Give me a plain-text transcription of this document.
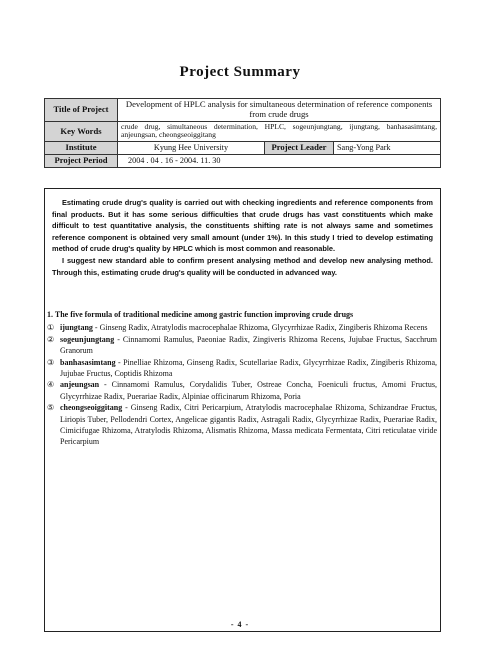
Project Summary
Title of Project	Development of HPLC analysis for simultaneous determination of reference components from crude drugs		
Key Words	crude drug, simultaneous determination, HPLC, sogeunjungtang, ijungtang, banhasasimtang, anjeungsan, cheongseoiggitang		
Institute	Kyung Hee University	Project Leader	Sang-Yong Park
Project Period	2004 . 04 . 16 - 2004. 11. 30		

Estimating crude drug's quality is carried out with checking ingredients and reference components from final products. But it has some serious difficulties that crude drugs has vast constituents which make difficult to test quantitative analysis, the constituents shifting rate is not always same and sometimes reference component is obtained very small amount (under 1%). In this study I tried to develop estimating method of crude drug's quality by HPLC which is most common and reasonable.

I suggest new standard able to confirm present analysing method and develop new analysing method. Through this, estimating crude drug's quality will be conducted in advanced way.

1. The five formula of traditional medicine among gastric function improving crude drugs
① ijungtang - Ginseng Radix, Atratylodis macrocephalae Rhizoma, Glycyrrhizae Radix, Zingiberis Rhizoma Recens
② sogeunjungtang - Cinnamomi Ramulus, Paeoniae Radix, Zingiveris Rhizoma Recens, Jujubae Fructus, Sacchrum Granorum
③ banhasasimtang - Pinelliae Rhizoma, Ginseng Radix, Scutellariae Radix, Glycyrrhizae Radix, Zingiberis Rhizoma, Jujubae Fructus, Coptidis Rhizoma
④ anjeungsan - Cinnamomi Ramulus, Corydalidis Tuber, Ostreae Concha, Foeniculi fructus, Amomi Fructus, Glycyrrhizae Radix, Puerariae Radix, Alpiniae officinarum Rhizoma, Poria
⑤ cheongseoiggitang - Ginseng Radix, Citri Pericarpium, Atratylodis macrocephalae Rhizoma, Schizandrae Fructus, Liriopis Tuber, Pellodendri Cortex, Angelicae gigantis Radix, Astragali Radix, Glycyrrhizae Radix, Puerariae Radix, Cimicifugae Rhizoma, Atratylodis Rhizoma, Alismatis Rhizoma, Massa medicata Fermentata, Citri reticulatae viride Pericarpium
- 4 -
